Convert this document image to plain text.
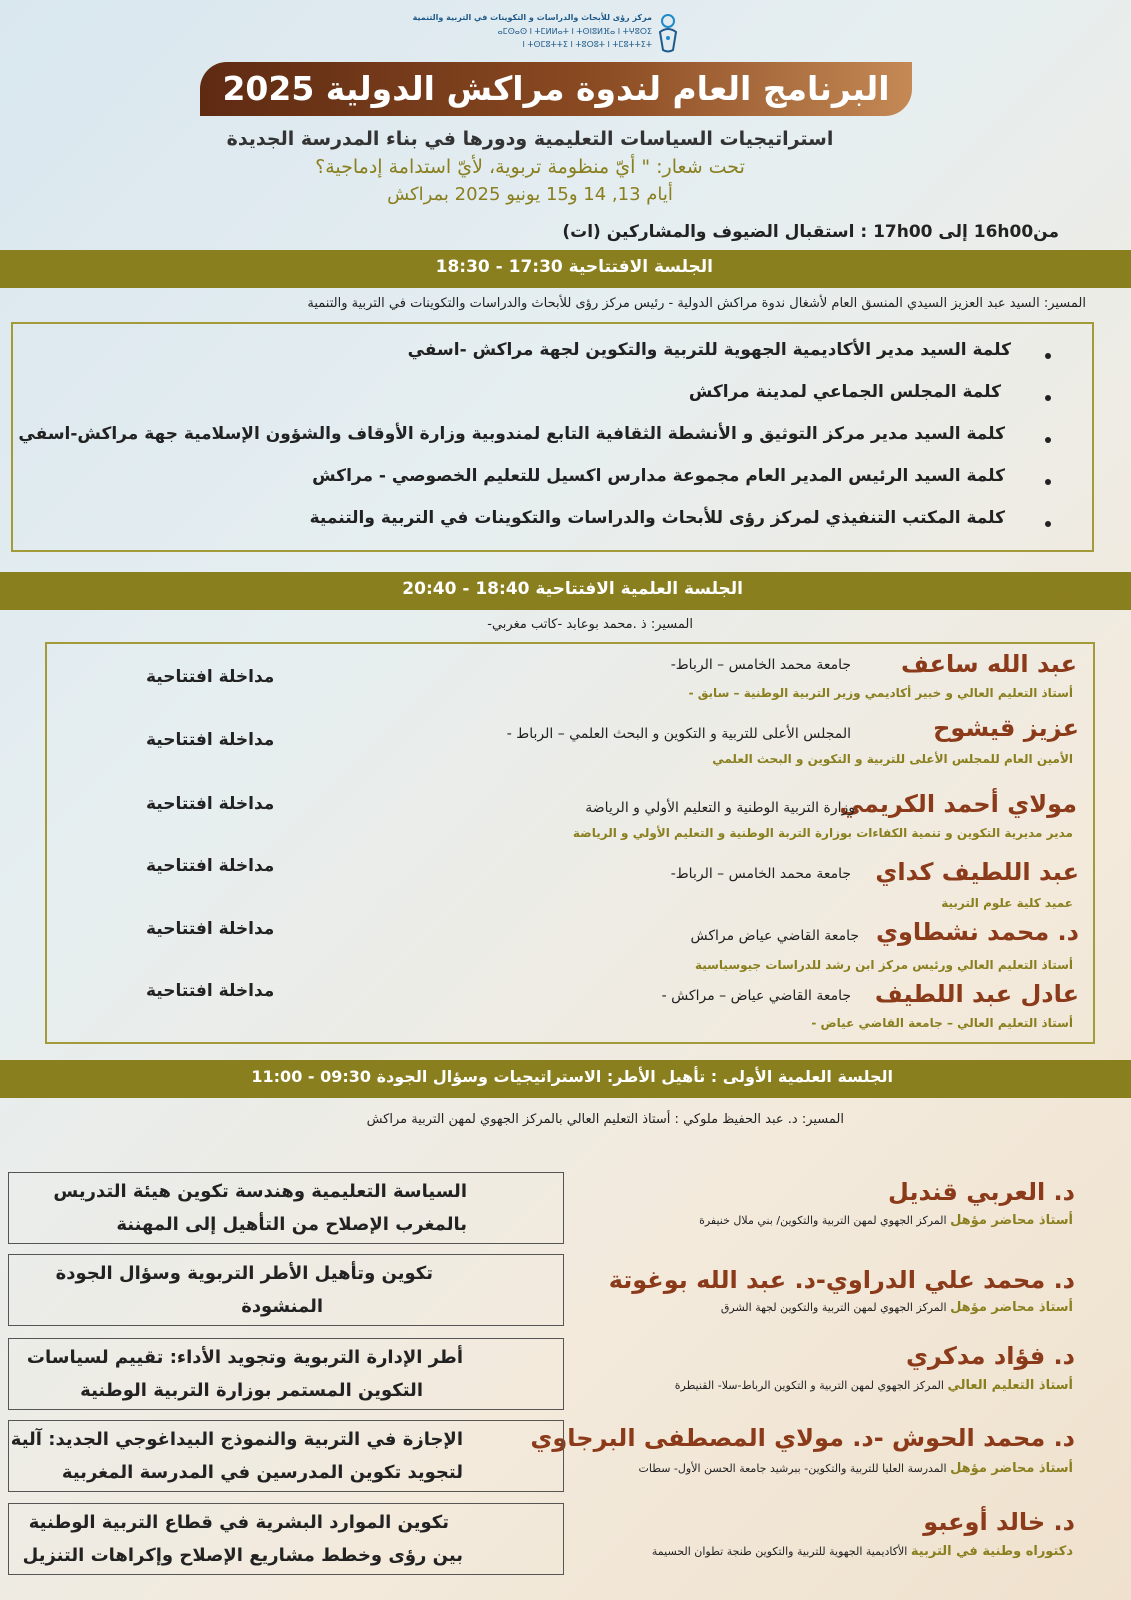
مركز رؤى للأبحاث والدراسات و التكوينات في التربية والتنمية
ⴰⵎⵙⴰⵙ ⵏ ⵜⵎⵍⵍⴰⵜ ⵏ ⵜⵙⵏⵓⵍⴼⴰ ⵏ ⵜⵖⵓⵔⵉ
ⵏ ⵜⵙⵎⵓⵜⵜⵉ ⵏ ⵜⵓⵔⵓⵜ ⵏ ⵜⵎⵓⵜⵜⵉⵜ
البرنامج العام لندوة مراكش الدولية 2025
استراتيجيات السياسات التعليمية ودورها في بناء المدرسة الجديدة
تحت شعار: " أيّ منظومة تربوية، لأيّ استدامة إدماجية؟
أيام 13, 14 و15 يونيو 2025 بمراكش
من16h00 إلى 17h00 : استقبال الضيوف والمشاركين (ات)
الجلسة الافتتاحية 17:30 - 18:30
13-06-2025
المسير: السيد عبد العزيز السيدي المنسق العام لأشغال ندوة مراكش الدولية - رئيس مركز رؤى للأبحاث والدراسات والتكوينات في التربية والتنمية
كلمة السيد مدير الأكاديمية الجهوية للتربية والتكوين لجهة مراكش -اسفي
كلمة المجلس الجماعي لمدينة مراكش
كلمة السيد مدير مركز التوثيق و الأنشطة الثقافية التابع لمندوبية وزارة الأوقاف والشؤون الإسلامية جهة مراكش-اسفي
كلمة السيد الرئيس المدير العام مجموعة مدارس اكسيل للتعليم الخصوصي - مراكش
كلمة المكتب التنفيذي لمركز رؤى للأبحاث والدراسات والتكوينات في التربية والتنمية
الجلسة العلمية الافتتاحية 18:40 - 20:40	13-06-2025
المسير: ذ .محمد بوعابد -كاتب مغربي-
عبد الله ساعف
جامعة محمد الخامس – الرباط-
أستاذ التعليم العالي و خبير أكاديمي وزير التربية الوطنية – سابق -
مداخلة افتتاحية
عزيز قيشوح
المجلس الأعلى للتربية و التكوين و البحث العلمي – الرباط -
الأمين العام للمجلس الأعلى للتربية و التكوين و البحث العلمي
مداخلة افتتاحية
مولاي أحمد الكريمي
وزارة التربية الوطنية و التعليم الأولي و الرياضة
مدير مديرية التكوين و تنمية الكفاءات بوزارة التربة الوطنية و التعليم الأولي و الرياضة
مداخلة افتتاحية
عبد اللطيف كداي
جامعة محمد الخامس – الرباط-
عميد كلية علوم التربية
مداخلة افتتاحية
د. محمد نشطاوي
جامعة القاضي عياض مراكش
أستاذ التعليم العالي ورئيس مركز ابن رشد للدراسات جيوسياسية
مداخلة افتتاحية
عادل عبد اللطيف
جامعة القاضي عياض – مراكش -
أستاذ التعليم العالي – جامعة القاضي عياض -
مداخلة افتتاحية
الجلسة العلمية الأولى : تأهيل الأطر: الاستراتيجيات وسؤال الجودة 09:30 - 11:00
14-06-2025
المسير: د. عبد الحفيظ ملوكي : أستاذ التعليم العالي بالمركز الجهوي لمهن التربية مراكش
د. العربي قنديل
أستاذ محاضر مؤهل المركز الجهوي لمهن التربية والتكوين/ بني ملال خنيفرة
السياسة التعليمية وهندسة تكوين هيئة التدريس
بالمغرب الإصلاح من التأهيل إلى المهننة
د. محمد علي الدراوي-د. عبد الله بوغوتة
أستاذ محاضر مؤهل المركز الجهوي لمهن التربية والتكوين لجهة الشرق
تكوين وتأهيل الأطر التربوية وسؤال الجودة
المنشودة
د. فؤاد مدكري
أستاذ التعليم العالي المركز الجهوي لمهن التربية و التكوين الرباط-سلا- القنيطرة
أطر الإدارة التربوية وتجويد الأداء: تقييم لسياسات
التكوين المستمر بوزارة التربية الوطنية
د. محمد الحوش -د. مولاي المصطفى البرجاوي
أستاذ محاضر مؤهل المدرسة العليا للتربية والتكوين- ببرشيد جامعة الحسن الأول- سطات
الإجازة في التربية والنموذج البيداغوجي الجديد: آلية
لتجويد تكوين المدرسين في المدرسة المغربية
د. خالد أوعبو
دكتوراه وطنية في التربية الأكاديمية الجهوية للتربية والتكوين طنجة تطوان الحسيمة
تكوين الموارد البشرية في قطاع التربية الوطنية
بين رؤى وخطط مشاريع الإصلاح وإكراهات التنزيل
